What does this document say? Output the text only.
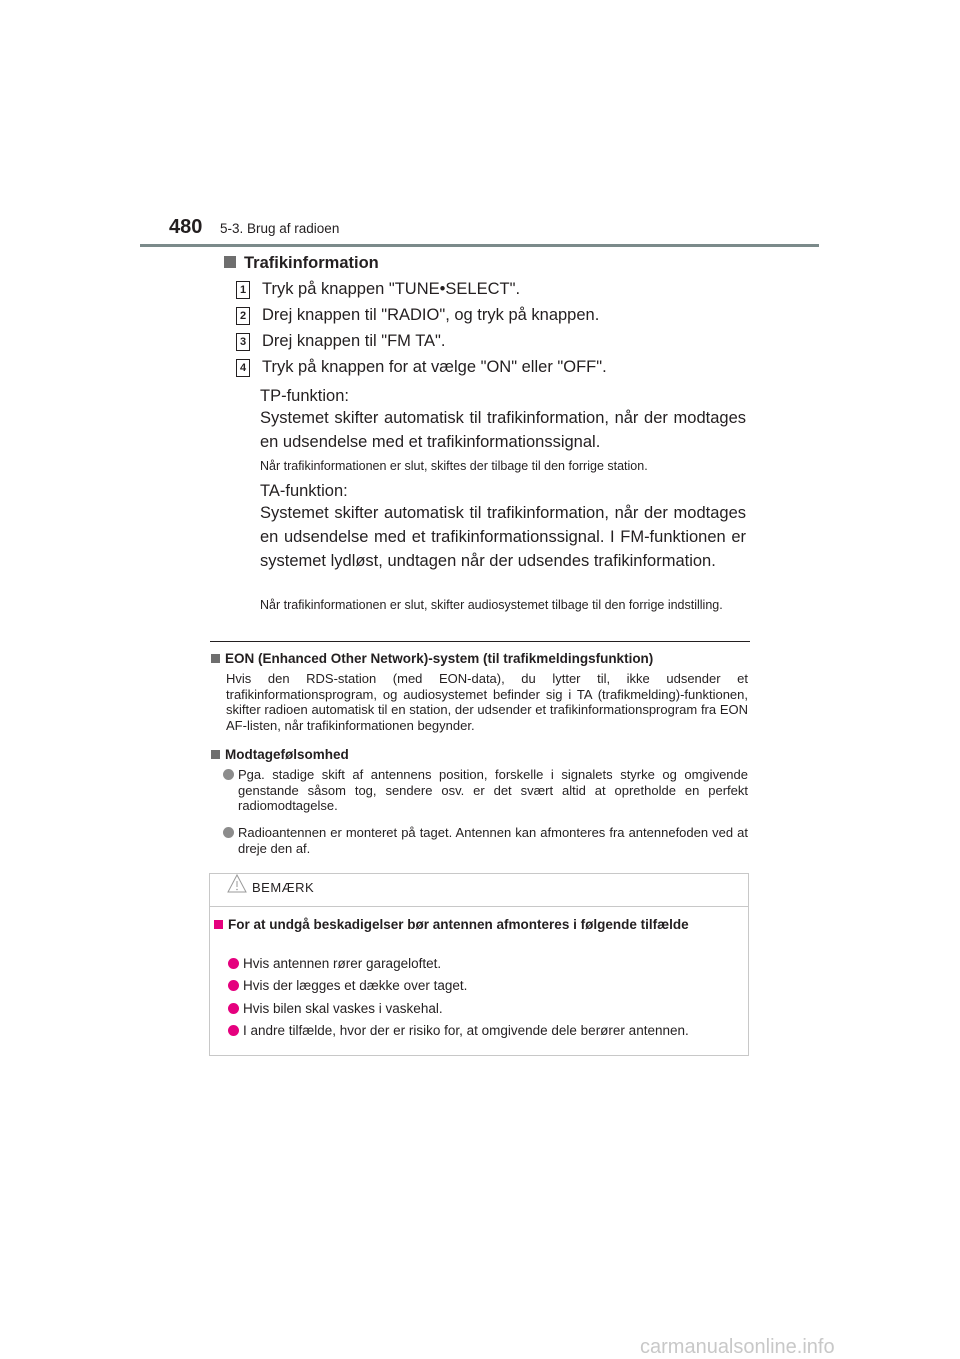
480 5-3. Brug af radioen
Trafikinformation
1 Tryk på knappen "TUNE•SELECT".
2 Drej knappen til "RADIO", og tryk på knappen.
3 Drej knappen til "FM TA".
4 Tryk på knappen for at vælge "ON" eller "OFF".
TP-funktion:
Systemet skifter automatisk til trafikinformation, når der modtages en udsendelse med et trafikinformationssignal.
Når trafikinformationen er slut, skiftes der tilbage til den forrige station.
TA-funktion:
Systemet skifter automatisk til trafikinformation, når der modtages en udsendelse med et trafikinformationssignal. I FM-funktionen er systemet lydløst, undtagen når der udsendes trafikinformation.
Når trafikinformationen er slut, skifter audiosystemet tilbage til den forrige indstilling.
EON (Enhanced Other Network)-system (til trafikmeldingsfunktion)
Hvis den RDS-station (med EON-data), du lytter til, ikke udsender et trafikinformationsprogram, og audiosystemet befinder sig i TA (trafikmelding)-funktionen, skifter radioen automatisk til en station, der udsender et trafikinformationsprogram fra EON AF-listen, når trafikinformationen begynder.
Modtagefølsomhed
Pga. stadige skift af antennens position, forskelle i signalets styrke og omgivende genstande såsom tog, sendere osv. er det svært altid at opretholde en perfekt radiomodtagelse.
Radioantennen er monteret på taget. Antennen kan afmonteres fra antennefoden ved at dreje den af.
BEMÆRK
For at undgå beskadigelser bør antennen afmonteres i følgende tilfælde
Hvis antennen rører garageloftet.
Hvis der lægges et dække over taget.
Hvis bilen skal vaskes i vaskehal.
I andre tilfælde, hvor der er risiko for, at omgivende dele berører antennen.
carmanualsonline.info
